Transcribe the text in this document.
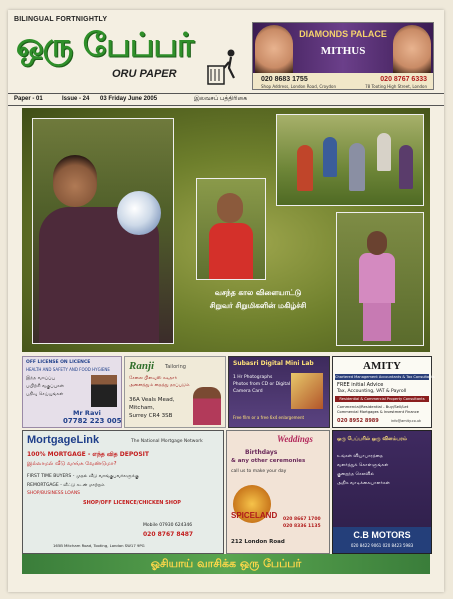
BILINGUAL FORTNIGHTLY
ஒரு பேப்பர்
ORU PAPER
DIAMONDS PALACE
MITHUS
020 8683 1755
Shop Address, London Road, Croydon
020 8767 6333
78 Tooting High Street, London
Paper - 01	Issue - 24 03 Friday June 2005	இலவசப் பத்திரிகை
வசந்த கால விளையாட்டு
சிறுவர் சிறுமிகளின் மகிழ்ச்சி
OFF LICENSE ON LICENCE
HEALTH AND SAFETY AND FOOD HYGIENE
இந்த வாய்ப்பு
பயிற்சி வகுப்புகள்
பதிவு செய்யுங்கள்
Mr Ravi
07782 223 005
Ranji Tailoring
சேலை பிளவுஸ் சுடிதார்
அனைத்தும் தைத்து தரப்படும்
36A Veals Mead,
Mitcham,
Surrey CR4 3SB
Subasri Digital Mini Lab
1 Hr Photographs
Photos from CD or Digital
Camera Card
Free film or a free 6x4 enlargement
AMITY
Chartered Management Accountants & Tax Consultants
FREE initial Advice
Tax, Accounting, VAT & Payroll
Residential & Commercial Property Consultants
Commercial/Residential - Buy/Sell/Let
Commercial Mortgages & Investment Finance
020 8952 8989	info@amity.co.uk
MortgageLink	The National Mortgage Network
100% MORTGAGE - எந்த வித DEPOSIT
இல்லாமல் வீடு வாங்க வேண்டுமா?
FIRST TIME BUYERS - முதல் வீடு வாங்குபவர்களுக்கு
REMORTGAGE - வீட்டு கடன் மாற்றம்
SHOP/BUSINESS LOANS
SHOP/OFF LICENCE/CHICKEN SHOP
Mobile 07930 624346
020 8767 8487
165B Mitcham Road, Tooting, London SW17 9PG
Weddings
Birthdays
& any other ceremonies
call us to make your day
SPICELAND 020 8667 1700
020 8336 1135
212 London Road
ஒரு பேப்பரில் ஒரு விளம்பரம்
உங்கள் வியாபாரத்தை
வளர்த்துக் கொள்ளுங்கள்
குறைந்த செலவில்
அதிக வாடிக்கையாளர்கள்
C.B MOTORS
020 8422 9061 020 8423 5983
ஓசியாய் வாசிக்க ஒரு பேப்பர்
